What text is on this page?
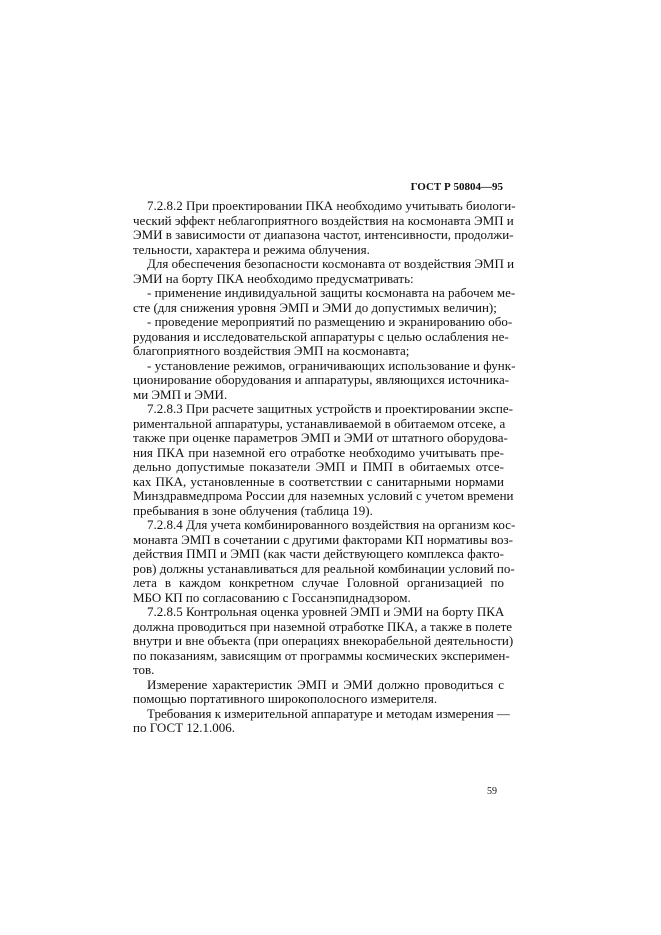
ГОСТ Р 50804—95
7.2.8.2 При проектировании ПКА необходимо учитывать биологи-
ческий эффект неблагоприятного воздействия на космонавта ЭМП и
ЭМИ в зависимости от диапазона частот, интенсивности, продолжи-
тельности, характера и режима облучения.
Для обеспечения безопасности космонавта от воздействия ЭМП и
ЭМИ на борту ПКА необходимо предусматривать:
- применение индивидуальной защиты космонавта на рабочем ме-
сте (для снижения уровня ЭМП и ЭМИ до допустимых величин);
- проведение мероприятий по размещению и экранированию обо-
рудования и исследовательской аппаратуры с целью ослабления не-
благоприятного воздействия ЭМП на космонавта;
- установление режимов, ограничивающих использование и функ-
ционирование оборудования и аппаратуры, являющихся источника-
ми ЭМП и ЭМИ.
7.2.8.3 При расчете защитных устройств и проектировании экспе-
риментальной аппаратуры, устанавливаемой в обитаемом отсеке, а
также при оценке параметров ЭМП и ЭМИ от штатного оборудова-
ния ПКА при наземной его отработке необходимо учитывать пре-
дельно допустимые показатели ЭМП и ПМП в обитаемых отсе-
ках ПКА, установленные в соответствии с санитарными нормами
Минздравмедпрома России для наземных условий с учетом времени
пребывания в зоне облучения (таблица 19).
7.2.8.4 Для учета комбинированного воздействия на организм кос-
монавта ЭМП в сочетании с другими факторами КП нормативы воз-
действия ПМП и ЭМП (как части действующего комплекса факто-
ров) должны устанавливаться для реальной комбинации условий по-
лета в каждом конкретном случае Головной организацией по
МБО КП по согласованию с Госсанэпиднадзором.
7.2.8.5 Контрольная оценка уровней ЭМП и ЭМИ на борту ПКА
должна проводиться при наземной отработке ПКА, а также в полете
внутри и вне объекта (при операциях внекорабельной деятельности)
по показаниям, зависящим от программы космических эксперимен-
тов.
Измерение характеристик ЭМП и ЭМИ должно проводиться с
помощью портативного широкополосного измерителя.
Требования к измерительной аппаратуре и методам измерения —
по ГОСТ 12.1.006.
59
